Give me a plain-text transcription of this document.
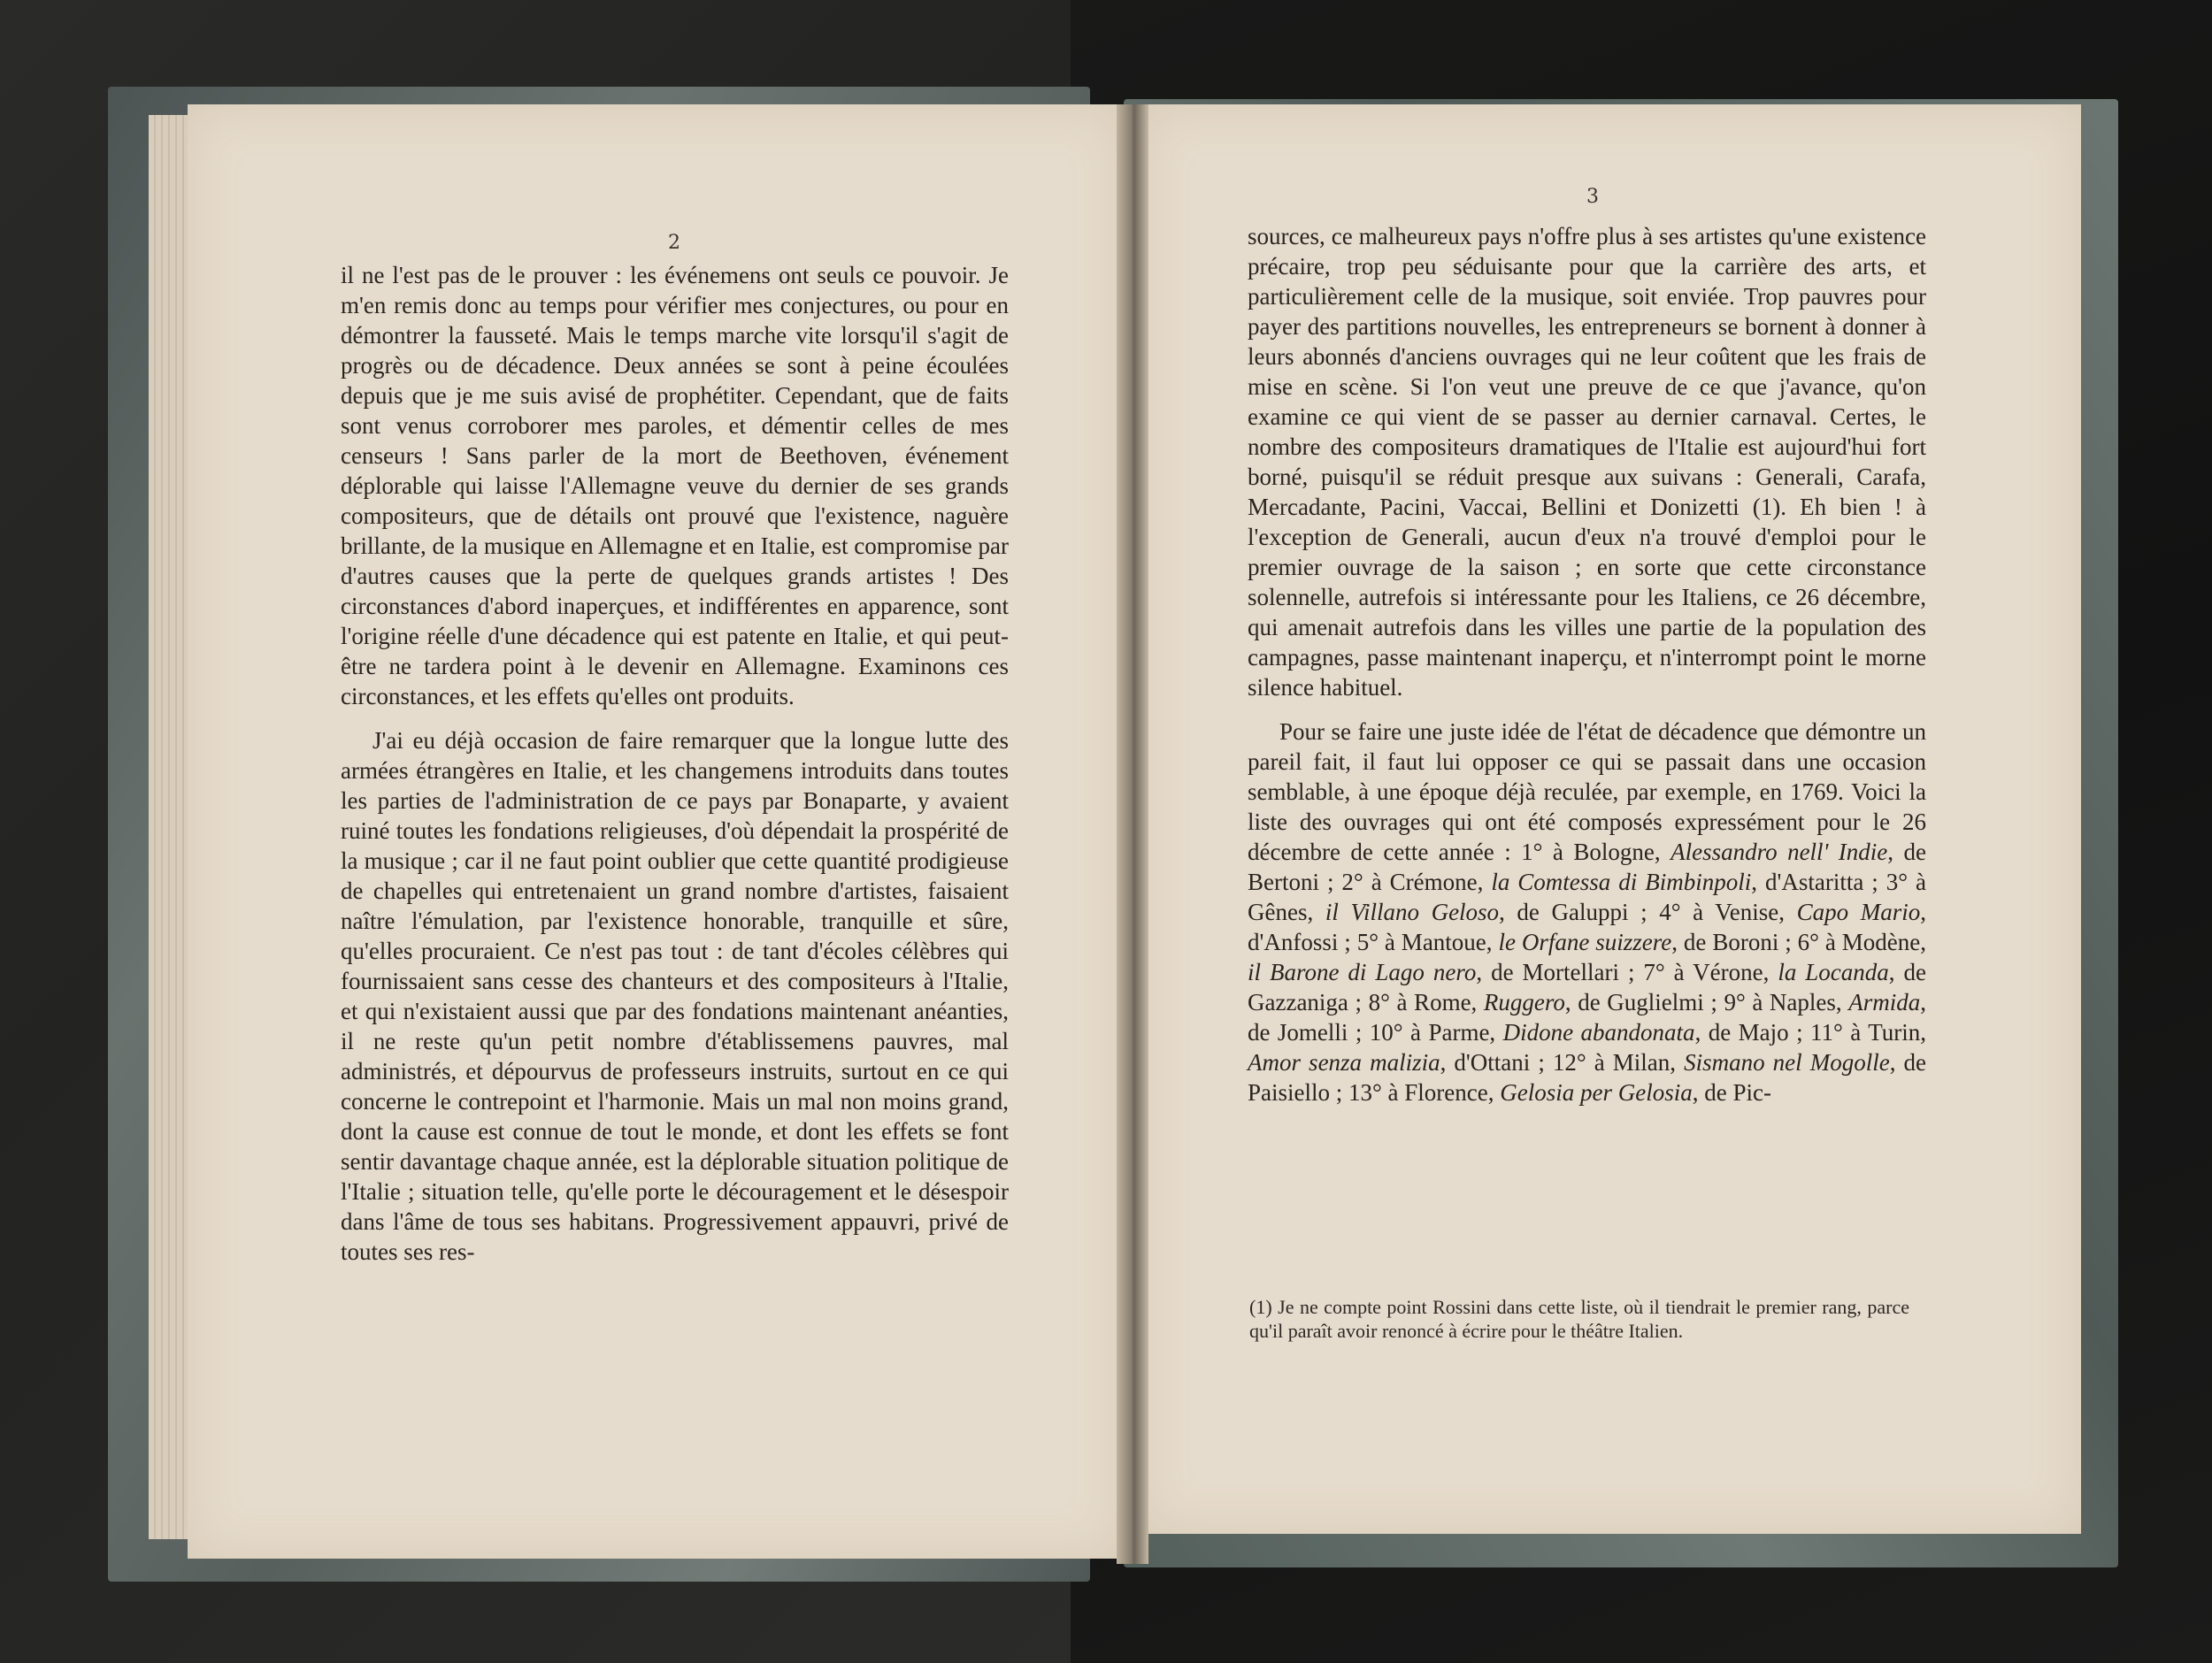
2
3

il ne l'est pas de le prouver : les événemens ont seuls ce pouvoir. Je m'en remis donc au temps pour vérifier mes conjectures, ou pour en démontrer la fausseté. Mais le temps marche vite lorsqu'il s'agit de progrès ou de décadence. Deux années se sont à peine écoulées depuis que je me suis avisé de prophétiter. Cependant, que de faits sont venus corroborer mes paroles, et démentir celles de mes censeurs ! Sans parler de la mort de Beethoven, événement déplorable qui laisse l'Allemagne veuve du dernier de ses grands compositeurs, que de détails ont prouvé que l'existence, naguère brillante, de la musique en Allemagne et en Italie, est compromise par d'autres causes que la perte de quelques grands artistes ! Des circonstances d'abord inaperçues, et indifférentes en apparence, sont l'origine réelle d'une décadence qui est patente en Italie, et qui peut-être ne tardera point à le devenir en Allemagne. Examinons ces circonstances, et les effets qu'elles ont produits.

J'ai eu déjà occasion de faire remarquer que la longue lutte des armées étrangères en Italie, et les changemens introduits dans toutes les parties de l'administration de ce pays par Bonaparte, y avaient ruiné toutes les fondations religieuses, d'où dépendait la prospérité de la musique ; car il ne faut point oublier que cette quantité prodigieuse de chapelles qui entretenaient un grand nombre d'artistes, faisaient naître l'émulation, par l'existence honorable, tranquille et sûre, qu'elles procuraient. Ce n'est pas tout : de tant d'écoles célèbres qui fournissaient sans cesse des chanteurs et des compositeurs à l'Italie, et qui n'existaient aussi que par des fondations maintenant anéanties, il ne reste qu'un petit nombre d'établissemens pauvres, mal administrés, et dépourvus de professeurs instruits, surtout en ce qui concerne le contrepoint et l'harmonie. Mais un mal non moins grand, dont la cause est connue de tout le monde, et dont les effets se font sentir davantage chaque année, est la déplorable situation politique de l'Italie ; situation telle, qu'elle porte le découragement et le désespoir dans l'âme de tous ses habitans. Progressivement appauvri, privé de toutes ses res-

sources, ce malheureux pays n'offre plus à ses artistes qu'une existence précaire, trop peu séduisante pour que la carrière des arts, et particulièrement celle de la musique, soit enviée. Trop pauvres pour payer des partitions nouvelles, les entrepreneurs se bornent à donner à leurs abonnés d'anciens ouvrages qui ne leur coûtent que les frais de mise en scène. Si l'on veut une preuve de ce que j'avance, qu'on examine ce qui vient de se passer au dernier carnaval. Certes, le nombre des compositeurs dramatiques de l'Italie est aujourd'hui fort borné, puisqu'il se réduit presque aux suivans : Generali, Carafa, Mercadante, Pacini, Vaccai, Bellini et Donizetti (1). Eh bien ! à l'exception de Generali, aucun d'eux n'a trouvé d'emploi pour le premier ouvrage de la saison ; en sorte que cette circonstance solennelle, autrefois si intéressante pour les Italiens, ce 26 décembre, qui amenait autrefois dans les villes une partie de la population des campagnes, passe maintenant inaperçu, et n'interrompt point le morne silence habituel.

Pour se faire une juste idée de l'état de décadence que démontre un pareil fait, il faut lui opposer ce qui se passait dans une occasion semblable, à une époque déjà reculée, par exemple, en 1769. Voici la liste des ouvrages qui ont été composés expressément pour le 26 décembre de cette année : 1° à Bologne, Alessandro nell' Indie, de Bertoni ; 2° à Crémone, la Comtessa di Bimbinpoli, d'Astaritta ; 3° à Gênes, il Villano Geloso, de Galuppi ; 4° à Venise, Capo Mario, d'Anfossi ; 5° à Mantoue, le Orfane suizzere, de Boroni ; 6° à Modène, il Barone di Lago nero, de Mortellari ; 7° à Vérone, la Locanda, de Gazzaniga ; 8° à Rome, Ruggero, de Guglielmi ; 9° à Naples, Armida, de Jomelli ; 10° à Parme, Didone abandonata, de Majo ; 11° à Turin, Amor senza malizia, d'Ottani ; 12° à Milan, Sismano nel Mogolle, de Paisiello ; 13° à Florence, Gelosia per Gelosia, de Pic-

(1) Je ne compte point Rossini dans cette liste, où il tiendrait le premier rang, parce qu'il paraît avoir renoncé à écrire pour le théâtre Italien.
